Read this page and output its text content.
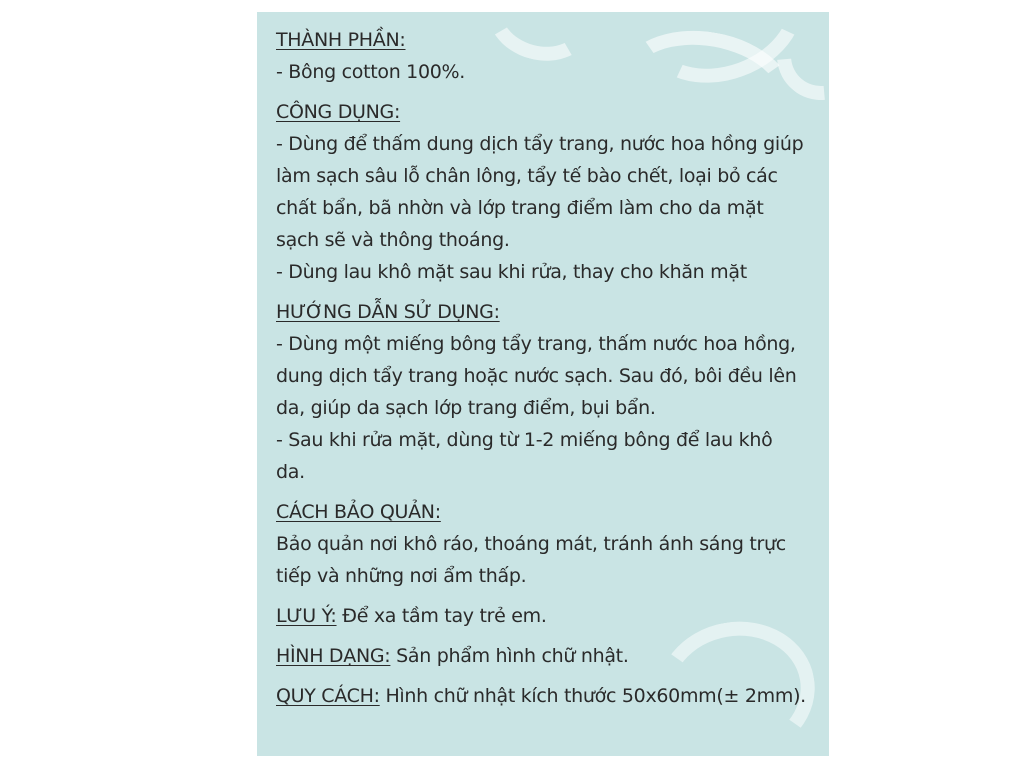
THÀNH PHẦN:
- Bông cotton 100%.
CÔNG DỤNG:
- Dùng để thấm dung dịch tẩy trang, nước hoa hồng giúp
làm sạch sâu lỗ chân lông, tẩy tế bào chết, loại bỏ các
chất bẩn, bã nhờn và lớp trang điểm làm cho da mặt
sạch sẽ và thông thoáng.
- Dùng lau khô mặt sau khi rửa, thay cho khăn mặt
HƯỚNG DẪN SỬ DỤNG:
- Dùng một miếng bông tẩy trang, thấm nước hoa hồng,
dung dịch tẩy trang hoặc nước sạch. Sau đó, bôi đều lên
da, giúp da sạch lớp trang điểm, bụi bẩn.
- Sau khi rửa mặt, dùng từ 1-2 miếng bông để lau khô
da.
CÁCH BẢO QUẢN:
Bảo quản nơi khô ráo, thoáng mát, tránh ánh sáng trực
tiếp và những nơi ẩm thấp.
LƯU Ý: Để xa tầm tay trẻ em.
HÌNH DẠNG: Sản phẩm hình chữ nhật.
QUY CÁCH: Hình chữ nhật kích thước 50x60mm(± 2mm).
